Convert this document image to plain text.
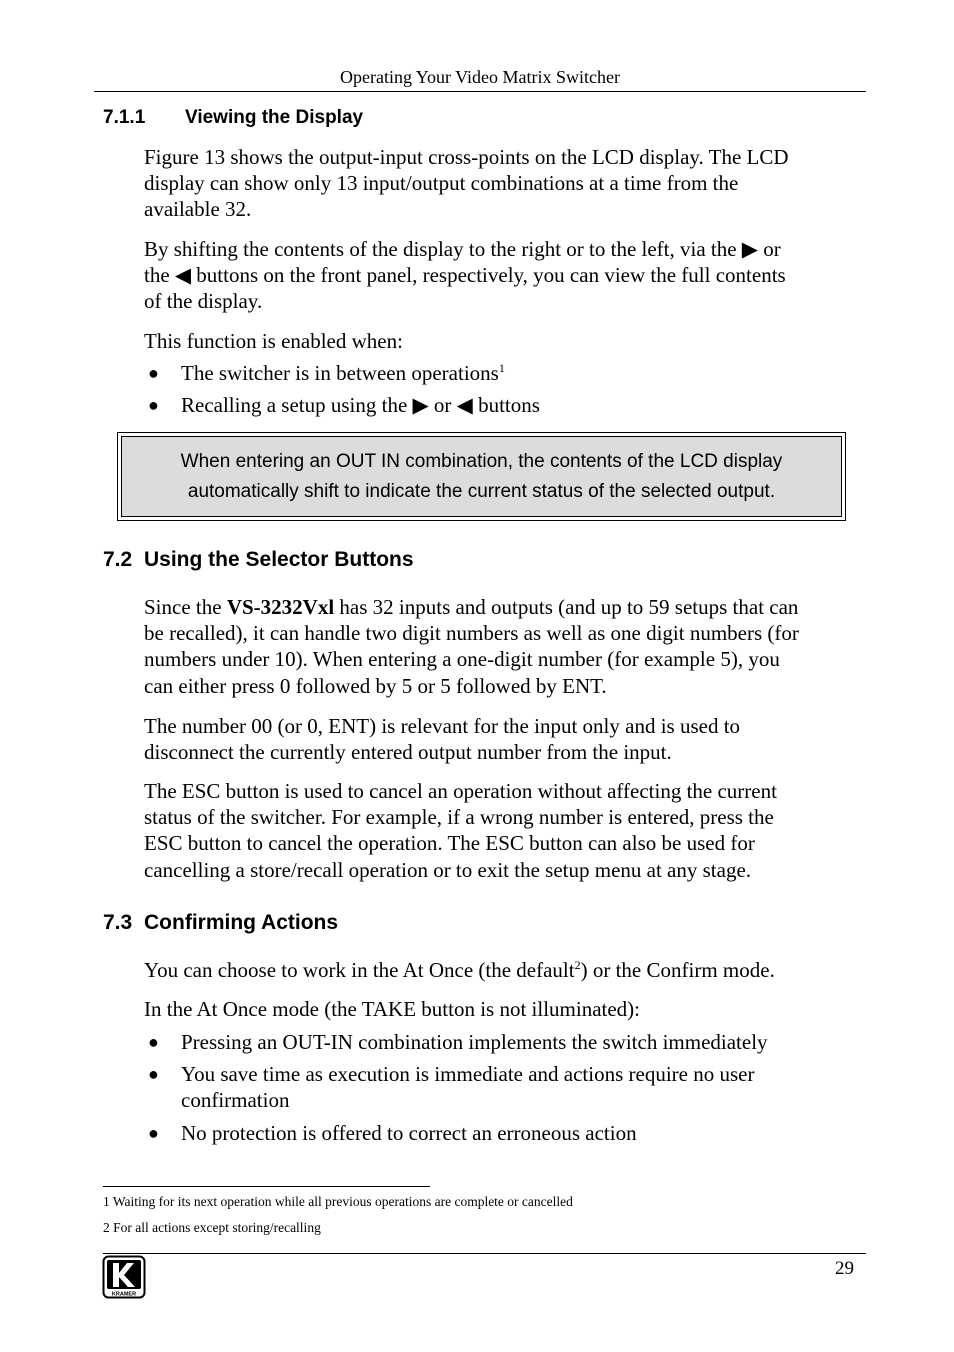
Operating Your Video Matrix Switcher
7.1.1 Viewing the Display
Figure 13 shows the output-input cross-points on the LCD display. The LCD
display can show only 13 input/output combinations at a time from the
available 32.
By shifting the contents of the display to the right or to the left, via the ▶ or
the ◀ buttons on the front panel, respectively, you can view the full contents
of the display.
This function is enabled when:
● The switcher is in between operations$^1$
● Recalling a setup using the ▶ or ◀ buttons
When entering an OUT IN combination, the contents of the LCD display
automatically shift to indicate the current status of the selected output.
7.2 Using the Selector Buttons
Since the VS-3232Vxl has 32 inputs and outputs (and up to 59 setups that can
be recalled), it can handle two digit numbers as well as one digit numbers (for
numbers under 10). When entering a one-digit number (for example 5), you
can either press 0 followed by 5 or 5 followed by ENT.
The number 00 (or 0, ENT) is relevant for the input only and is used to
disconnect the currently entered output number from the input.
The ESC button is used to cancel an operation without affecting the current
status of the switcher. For example, if a wrong number is entered, press the
ESC button to cancel the operation. The ESC button can also be used for
cancelling a store/recall operation or to exit the setup menu at any stage.
7.3 Confirming Actions
You can choose to work in the At Once (the default$^2$) or the Confirm mode.
In the At Once mode (the TAKE button is not illuminated):
● Pressing an OUT-IN combination implements the switch immediately
● You save time as execution is immediate and actions require no user
confirmation
● No protection is offered to correct an erroneous action
1 Waiting for its next operation while all previous operations are complete or cancelled
2 For all actions except storing/recalling
29
KRAMER
